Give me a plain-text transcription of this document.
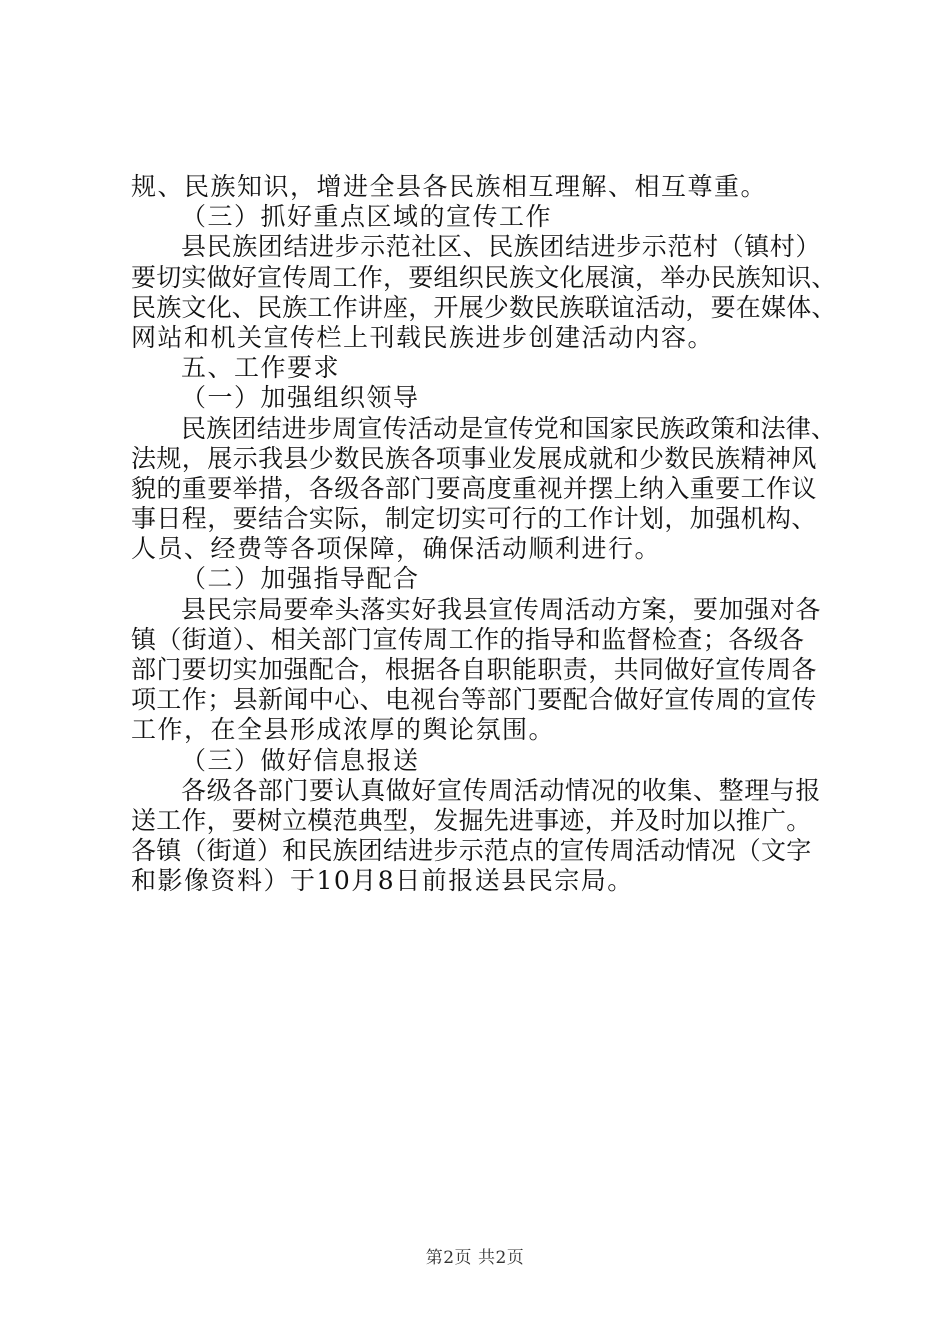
规、民族知识，增进全县各民族相互理解、相互尊重。
（三）抓好重点区域的宣传工作
县民族团结进步示范社区、民族团结进步示范村（镇村）
要切实做好宣传周工作，要组织民族文化展演，举办民族知识、
民族文化、民族工作讲座，开展少数民族联谊活动，要在媒体、
网站和机关宣传栏上刊载民族进步创建活动内容。
五、工作要求
（一）加强组织领导
民族团结进步周宣传活动是宣传党和国家民族政策和法律、
法规，展示我县少数民族各项事业发展成就和少数民族精神风
貌的重要举措，各级各部门要高度重视并摆上纳入重要工作议
事日程，要结合实际，制定切实可行的工作计划，加强机构、
人员、经费等各项保障，确保活动顺利进行。
（二）加强指导配合
县民宗局要牵头落实好我县宣传周活动方案，要加强对各
镇（街道）、相关部门宣传周工作的指导和监督检查；各级各
部门要切实加强配合，根据各自职能职责，共同做好宣传周各
项工作；县新闻中心、电视台等部门要配合做好宣传周的宣传
工作，在全县形成浓厚的舆论氛围。
（三）做好信息报送
各级各部门要认真做好宣传周活动情况的收集、整理与报
送工作，要树立模范典型，发掘先进事迹，并及时加以推广。
各镇（街道）和民族团结进步示范点的宣传周活动情况（文字
和影像资料）于10月8日前报送县民宗局。
第2页 共2页
